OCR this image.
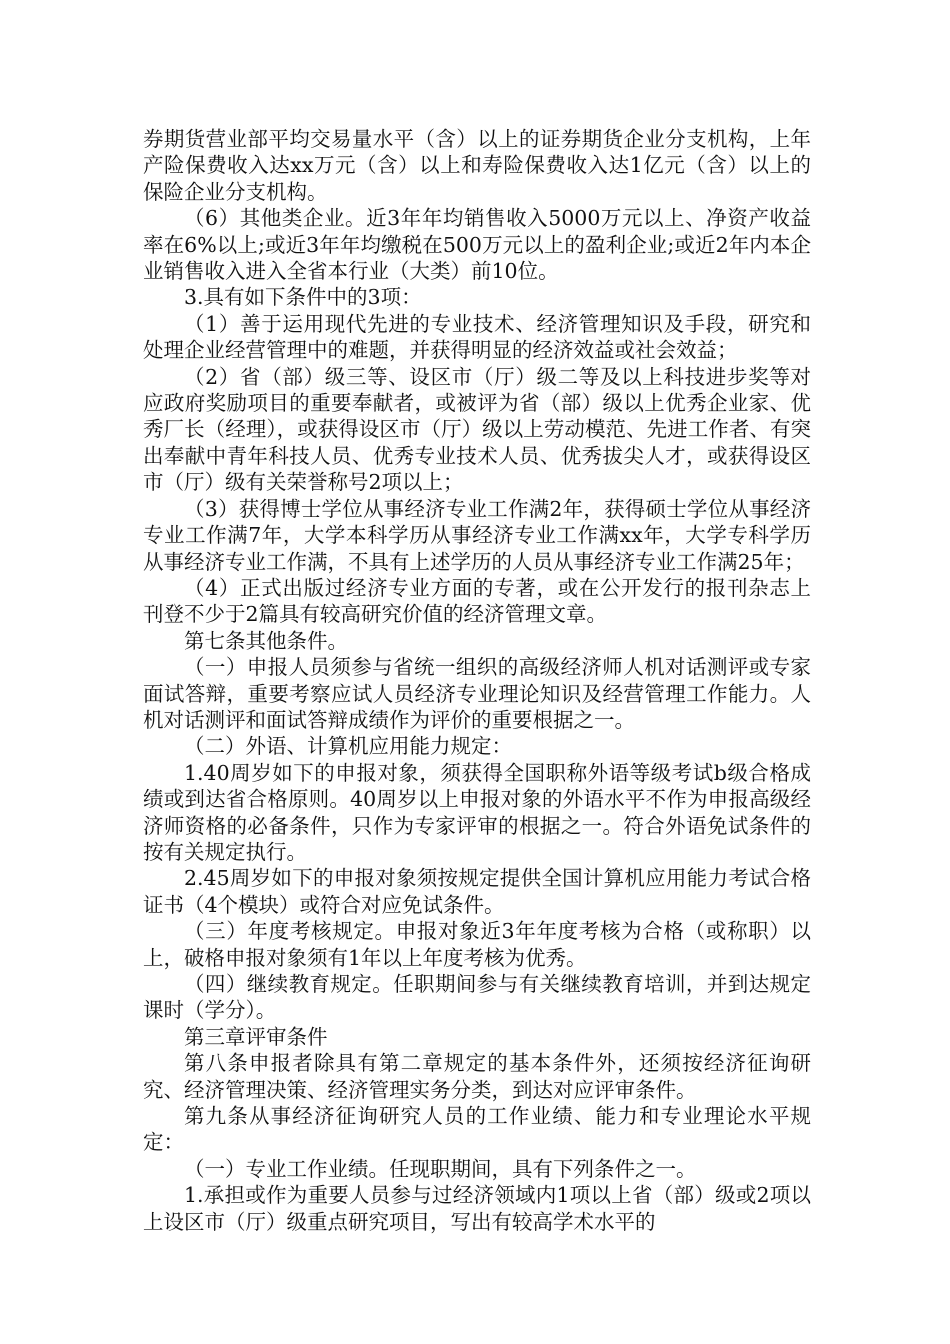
券期货营业部平均交易量水平（含）以上的证券期货企业分支机构，上年产险保费收入达xx万元（含）以上和寿险保费收入达1亿元（含）以上的保险企业分支机构。

（6）其他类企业。近3年年均销售收入5000万元以上、净资产收益率在6%以上;或近3年年均缴税在500万元以上的盈利企业;或近2年内本企业销售收入进入全省本行业（大类）前10位。

3.具有如下条件中的3项：

（1）善于运用现代先进的专业技术、经济管理知识及手段，研究和处理企业经营管理中的难题，并获得明显的经济效益或社会效益；

（2）省（部）级三等、设区市（厅）级二等及以上科技进步奖等对应政府奖励项目的重要奉献者，或被评为省（部）级以上优秀企业家、优秀厂长（经理），或获得设区市（厅）级以上劳动模范、先进工作者、有突出奉献中青年科技人员、优秀专业技术人员、优秀拔尖人才，或获得设区市（厅）级有关荣誉称号2项以上；

（3）获得博士学位从事经济专业工作满2年，获得硕士学位从事经济专业工作满7年，大学本科学历从事经济专业工作满xx年，大学专科学历从事经济专业工作满，不具有上述学历的人员从事经济专业工作满25年；

（4）正式出版过经济专业方面的专著，或在公开发行的报刊杂志上刊登不少于2篇具有较高研究价值的经济管理文章。

第七条其他条件。

（一）申报人员须参与省统一组织的高级经济师人机对话测评或专家面试答辩，重要考察应试人员经济专业理论知识及经营管理工作能力。人机对话测评和面试答辩成绩作为评价的重要根据之一。

（二）外语、计算机应用能力规定：

1.40周岁如下的申报对象，须获得全国职称外语等级考试b级合格成绩或到达省合格原则。40周岁以上申报对象的外语水平不作为申报高级经济师资格的必备条件，只作为专家评审的根据之一。符合外语免试条件的按有关规定执行。

2.45周岁如下的申报对象须按规定提供全国计算机应用能力考试合格证书（4个模块）或符合对应免试条件。

（三）年度考核规定。申报对象近3年年度考核为合格（或称职）以上，破格申报对象须有1年以上年度考核为优秀。

（四）继续教育规定。任职期间参与有关继续教育培训，并到达规定课时（学分）。

第三章评审条件

第八条申报者除具有第二章规定的基本条件外，还须按经济征询研究、经济管理决策、经济管理实务分类，到达对应评审条件。

第九条从事经济征询研究人员的工作业绩、能力和专业理论水平规定：

（一）专业工作业绩。任现职期间，具有下列条件之一。

1.承担或作为重要人员参与过经济领域内1项以上省（部）级或2项以上设区市（厅）级重点研究项目，写出有较高学术水平的
